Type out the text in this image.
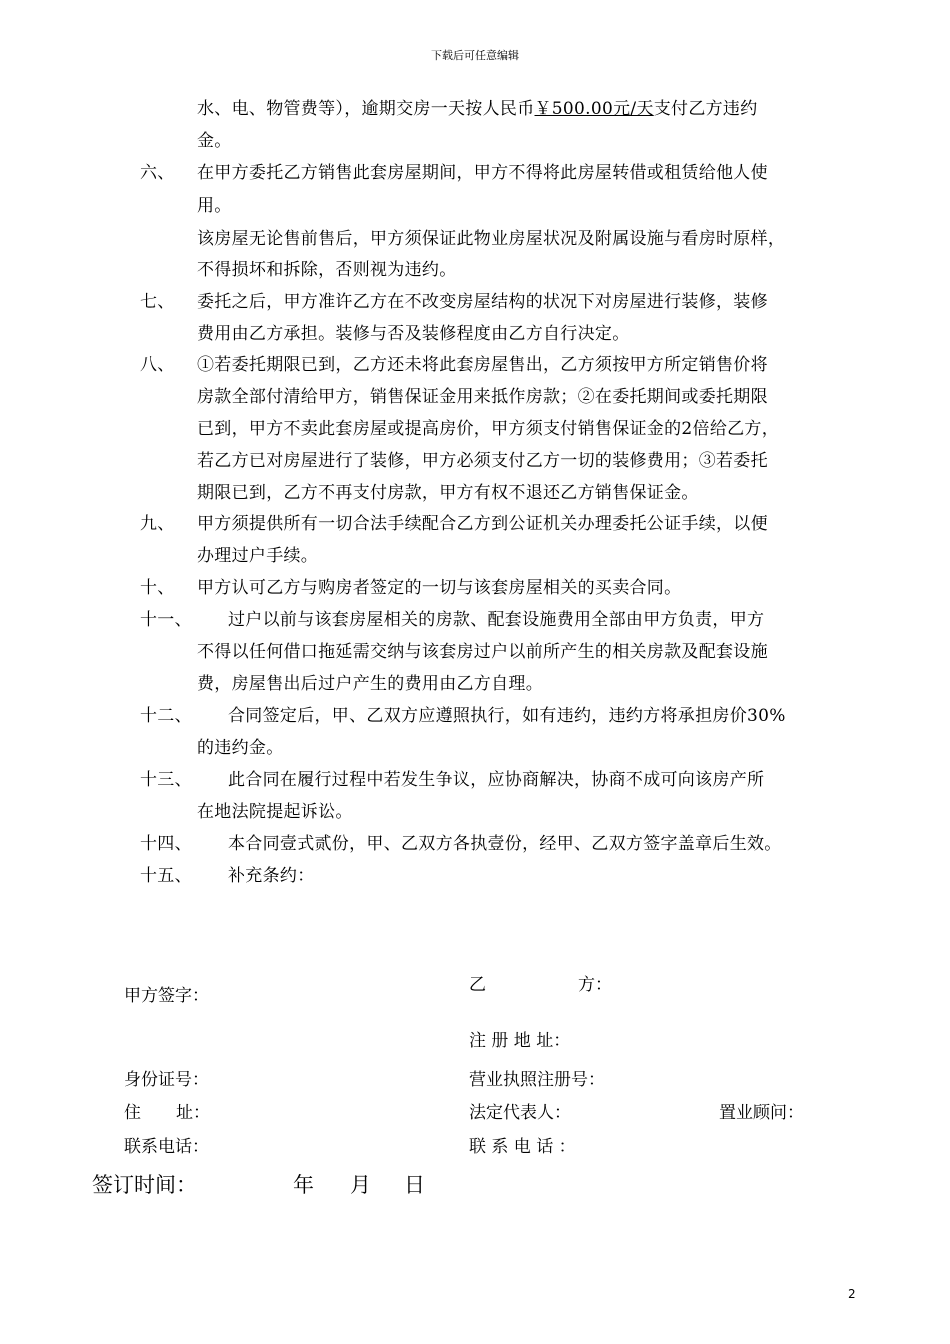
下载后可任意编辑
水、电、物管费等），逾期交房一天按人民币￥500.00元/天支付乙方违约
金。
六、 在甲方委托乙方销售此套房屋期间，甲方不得将此房屋转借或租赁给他人使
用。
该房屋无论售前售后，甲方须保证此物业房屋状况及附属设施与看房时原样，
不得损坏和拆除，否则视为违约。
七、 委托之后，甲方准许乙方在不改变房屋结构的状况下对房屋进行装修，装修
费用由乙方承担。装修与否及装修程度由乙方自行决定。
八、 ①若委托期限已到，乙方还未将此套房屋售出，乙方须按甲方所定销售价将
房款全部付清给甲方，销售保证金用来抵作房款；②在委托期间或委托期限
已到，甲方不卖此套房屋或提高房价，甲方须支付销售保证金的2倍给乙方，
若乙方已对房屋进行了装修，甲方必须支付乙方一切的装修费用；③若委托
期限已到，乙方不再支付房款，甲方有权不退还乙方销售保证金。
九、 甲方须提供所有一切合法手续配合乙方到公证机关办理委托公证手续，以便
办理过户手续。
十、 甲方认可乙方与购房者签定的一切与该套房屋相关的买卖合同。
十一、 过户以前与该套房屋相关的房款、配套设施费用全部由甲方负责，甲方
不得以任何借口拖延需交纳与该套房过户以前所产生的相关房款及配套设施
费，房屋售出后过户产生的费用由乙方自理。
十二、 合同签定后，甲、乙双方应遵照执行，如有违约，违约方将承担房价30%
的违约金。
十三、 此合同在履行过程中若发生争议，应协商解决，协商不成可向该房产所
在地法院提起诉讼。
十四、 本合同壹式贰份，甲、乙双方各执壹份，经甲、乙双方签字盖章后生效。
十五、 补充条约：
甲方签字：
乙	方：
注 册 地 址：
身份证号：	营业执照注册号：
住 址：	法定代表人：	置业顾问：
联系电话：	联 系 电 话 ：
签订时间：	年 月 日
2
